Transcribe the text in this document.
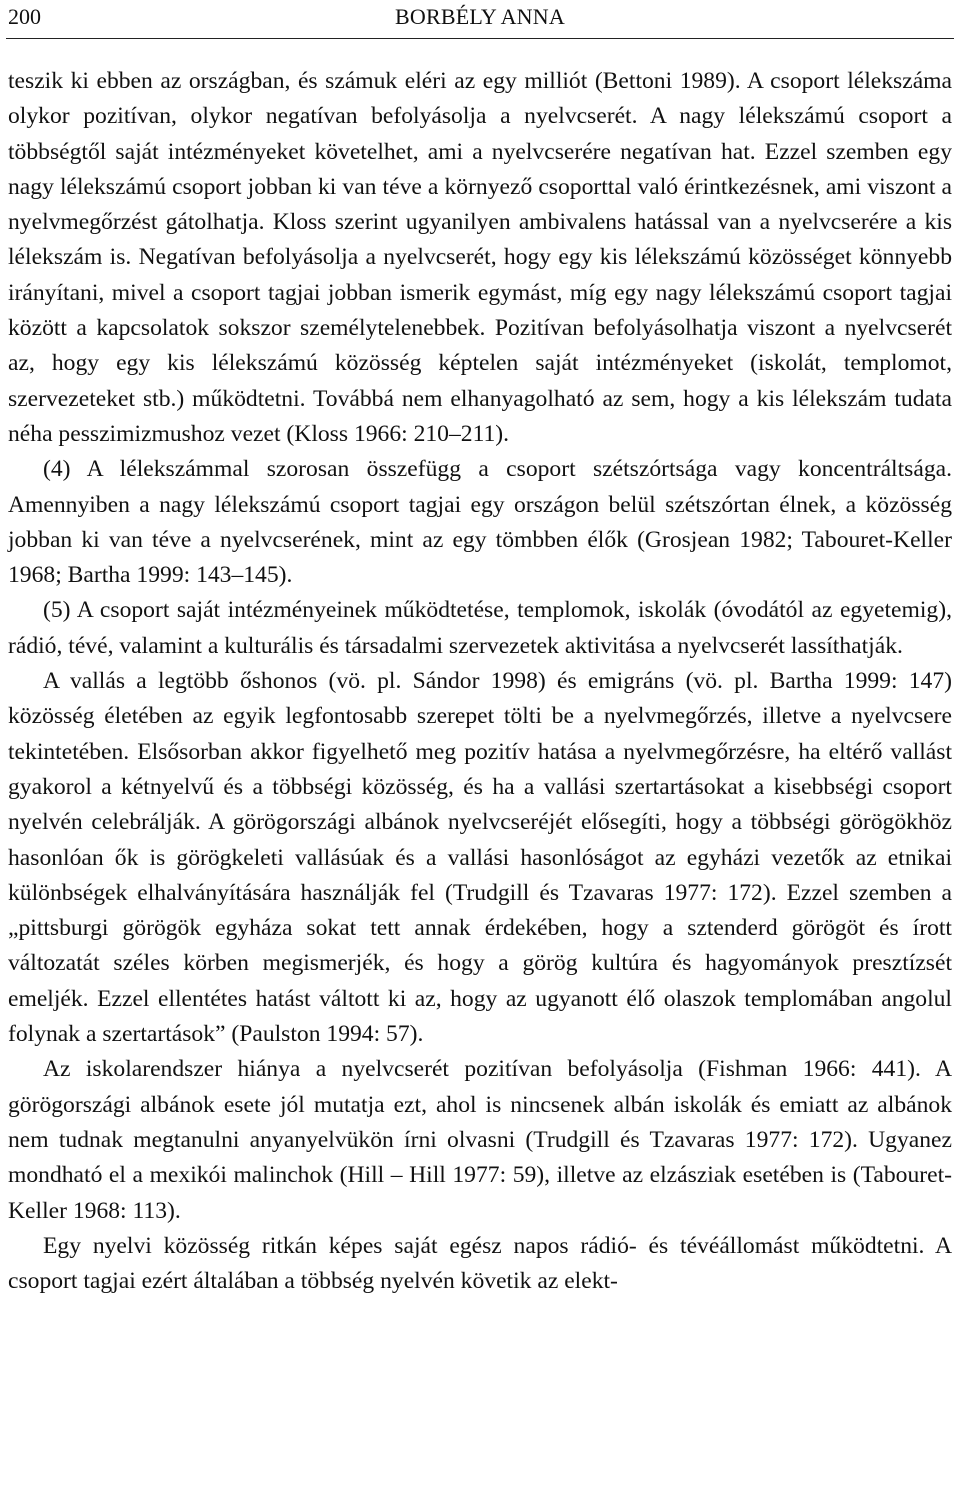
200	BORBÉLY ANNA

teszik ki ebben az országban, és számuk eléri az egy milliót (Bettoni 1989). A csoport lélekszáma olykor pozitívan, olykor negatívan befolyásolja a nyelvcserét. A nagy lélekszámú csoport a többségtől saját intézményeket követelhet, ami a nyelvcserére negatívan hat. Ezzel szemben egy nagy lélekszámú csoport jobban ki van téve a környező csoporttal való érintkezésnek, ami viszont a nyelvmegőrzést gátolhatja. Kloss szerint ugyanilyen ambivalens hatással van a nyelvcserére a kis lélekszám is. Negatívan befolyásolja a nyelvcserét, hogy egy kis lélekszámú közösséget könnyebb irányítani, mivel a csoport tagjai jobban ismerik egymást, míg egy nagy lélekszámú csoport tagjai között a kapcsolatok sokszor személytelenebbek. Pozitívan befolyásolhatja viszont a nyelvcserét az, hogy egy kis lélekszámú közösség képtelen saját intézményeket (iskolát, templomot, szervezeteket stb.) működtetni. Továbbá nem elhanyagolható az sem, hogy a kis lélekszám tudata néha pesszimizmushoz vezet (Kloss 1966: 210–211).

(4) A lélekszámmal szorosan összefügg a csoport szétszórtsága vagy koncentráltsága. Amennyiben a nagy lélekszámú csoport tagjai egy országon belül szétszórtan élnek, a közösség jobban ki van téve a nyelvcserének, mint az egy tömbben élők (Grosjean 1982; Tabouret-Keller 1968; Bartha 1999: 143–145).

(5) A csoport saját intézményeinek működtetése, templomok, iskolák (óvodától az egyetemig), rádió, tévé, valamint a kulturális és társadalmi szervezetek aktivitása a nyelvcserét lassíthatják.

A vallás a legtöbb őshonos (vö. pl. Sándor 1998) és emigráns (vö. pl. Bartha 1999: 147) közösség életében az egyik legfontosabb szerepet tölti be a nyelvmegőrzés, illetve a nyelvcsere tekintetében. Elsősorban akkor figyelhető meg pozitív hatása a nyelvmegőrzésre, ha eltérő vallást gyakorol a kétnyelvű és a többségi közösség, és ha a vallási szertartásokat a kisebbségi csoport nyelvén celebrálják. A görögországi albánok nyelvcseréjét elősegíti, hogy a többségi görögökhöz hasonlóan ők is görögkeleti vallásúak és a vallási hasonlóságot az egyházi vezetők az etnikai különbségek elhalványítására használják fel (Trudgill és Tzavaras 1977: 172). Ezzel szemben a „pittsburgi görögök egyháza sokat tett annak érdekében, hogy a sztenderd görögöt és írott változatát széles körben megismerjék, és hogy a görög kultúra és hagyományok presztízsét emeljék. Ezzel ellentétes hatást váltott ki az, hogy az ugyanott élő olaszok templomában angolul folynak a szertartások” (Paulston 1994: 57).

Az iskolarendszer hiánya a nyelvcserét pozitívan befolyásolja (Fishman 1966: 441). A görögországi albánok esete jól mutatja ezt, ahol is nincsenek albán iskolák és emiatt az albánok nem tudnak megtanulni anyanyelvükön írni olvasni (Trudgill és Tzavaras 1977: 172). Ugyanez mondható el a mexikói malinchok (Hill – Hill 1977: 59), illetve az elzásziak esetében is (Tabouret-Keller 1968: 113).

Egy nyelvi közösség ritkán képes saját egész napos rádió- és tévéállomást működtetni. A csoport tagjai ezért általában a többség nyelvén követik az elekt-
